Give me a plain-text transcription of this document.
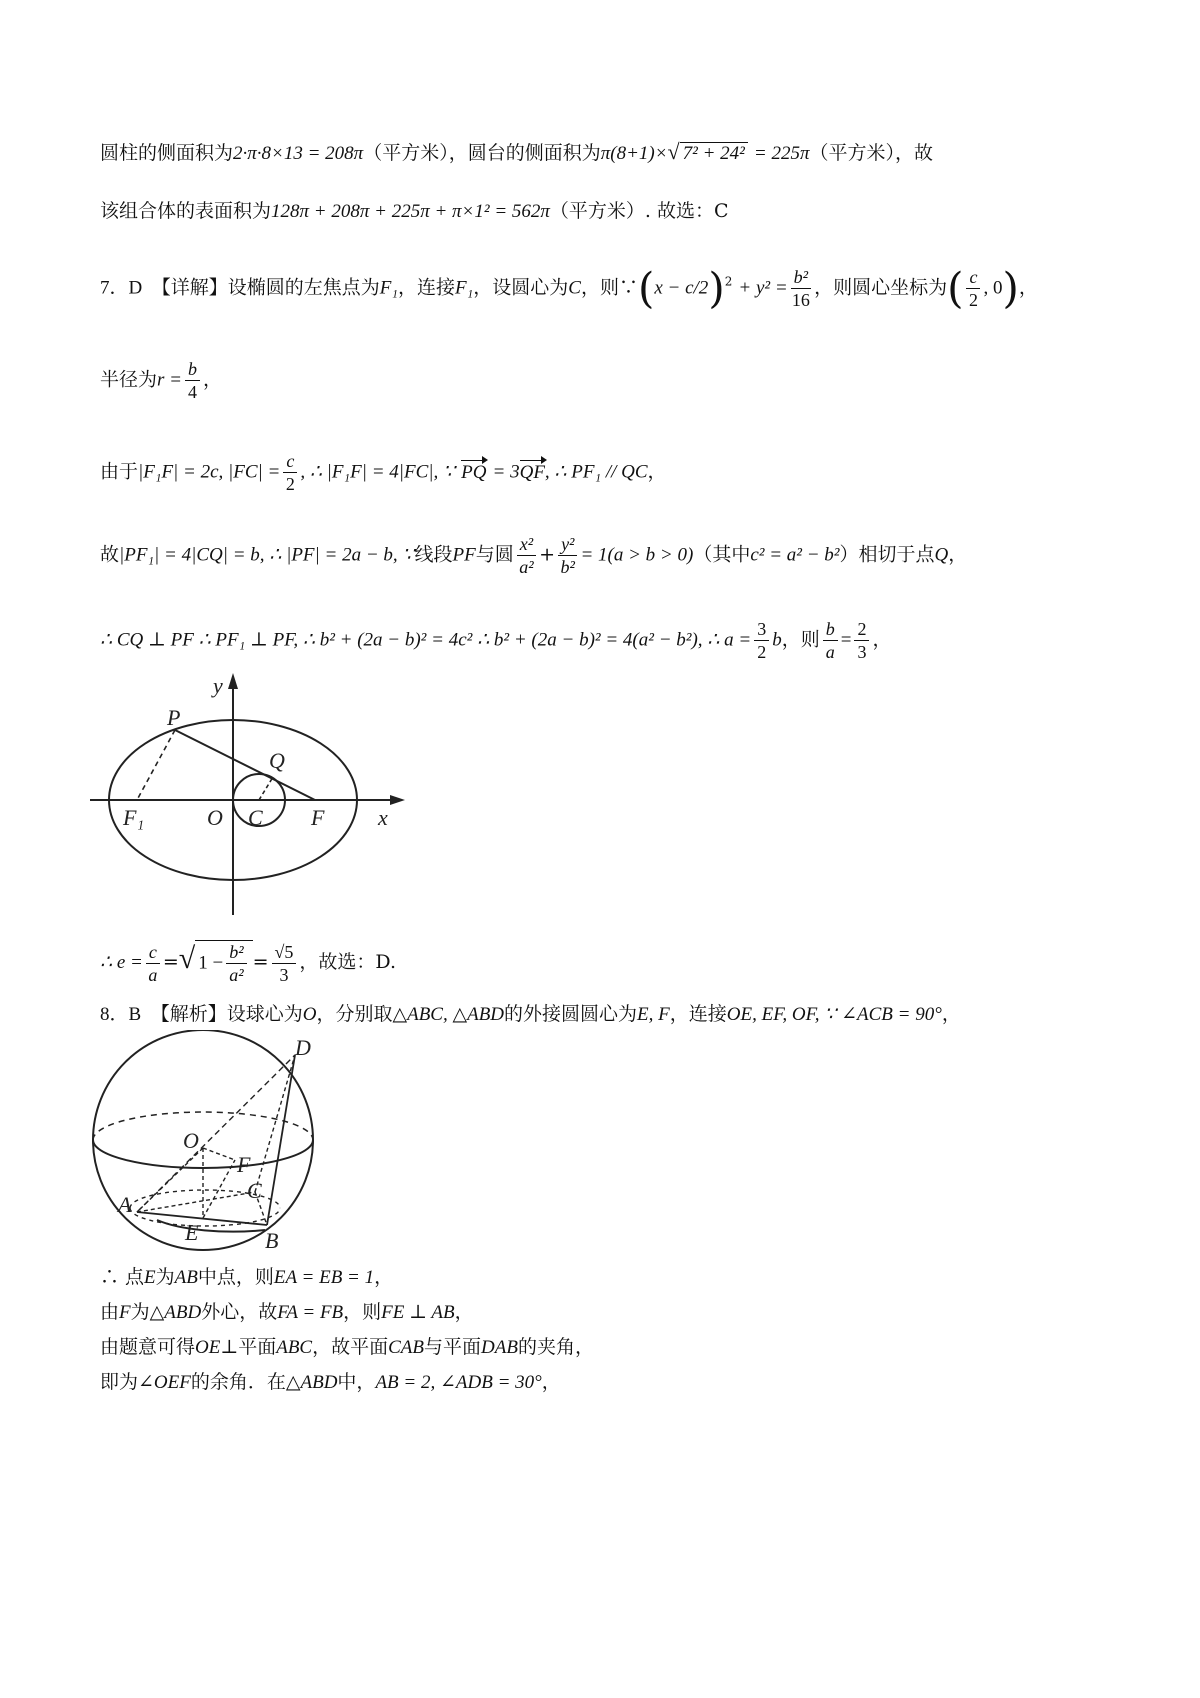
圆柱的侧面积为2·π·8×13 = 208π（平方米），圆台的侧面积为π(8+1)×√ 7² + 24² = 225π（平方米），故
该组合体的表面积为128π + 208π + 225π + π×1² = 562π（平方米）. 故选：C
7．D　 【详解】设椭圆的左焦点为F₁，连接F₁，设圆心为C，则∵(x − $c/2)^2 + y^2 = \frac{\text{b²}}{16}$ ，则圆心坐标为( $\frac{c}{2}$ , 0)，
半径为$r = \frac{b}{4}$ ，
由于|F₁F| = 2c, $|FC| = \frac{c}{2}$ , ∴ |F₁F| = 4|FC|, ∵ PQ = 3QF, ∴ PF₁ // QC，
故|PF₁| = 4|CQ| = b, ∴ |PF| = 2a − b, ∵线段PF与圆 $\frac{\text{x²}}{\text{a²}} + \frac{\text{y²}}{\text{b²}} = 1(a > b > 0)$（其中c² = a² − b²）相切于点Q，
∴ CQ ⊥ PF ∴ PF₁ ⊥ PF, ∴ b² + (2a − b)² = 4c² ∴ b² + (2a − b)² = 4(a² − b²), ∴ $a = \frac{3}{2}$ b，则 $\frac{b}{a} = \frac{2}{3}$ ，
y
P
Q
F₁	O C F x
∴ $e = \frac{c}{a}$ =√ $1 - \frac{\text{b²}}{\text{a²}} = \frac{√5}{3}$ ，故选：D.
8．B　 【解析】设球心为O，分别取△ABC, △ABD的外接圆圆心为E, F，连接OE, EF, OF, ∵ ∠ACB = 90°，
D
O
F
A
C
E	B
∴ 点E为AB中点，则EA = EB = 1，
由F为△ABD外心，故FA = FB，则FE ⊥ AB，
由题意可得OE⊥平面ABC，故平面CAB与平面DAB的夹角，
即为∠OEF的余角．在△ABD中，AB = 2, ∠ADB = 30°，
